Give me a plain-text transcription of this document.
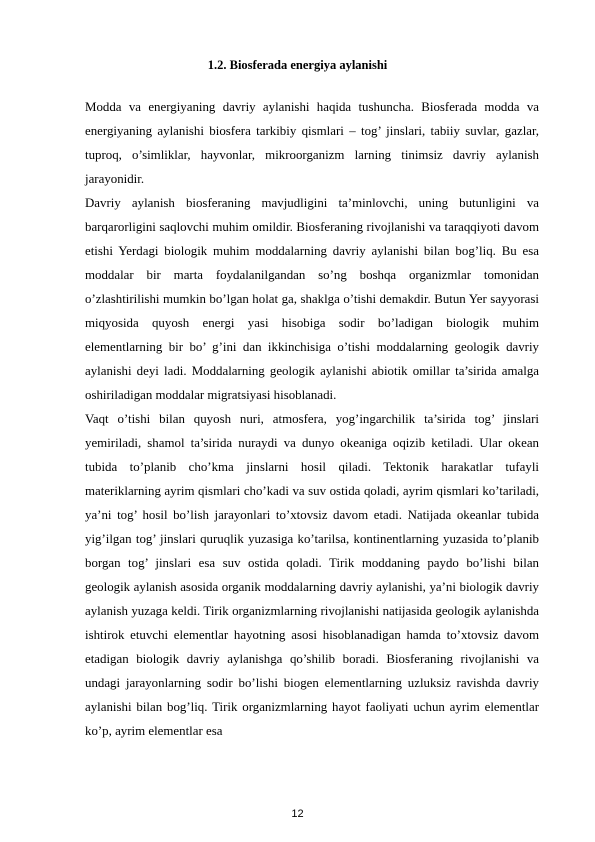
1.2. Biosferada energiya aylanishi

Modda va energiyaning davriy aylanishi haqida tushuncha. Biosferada modda va energiyaning aylanishi biosfera tarkibiy qismlari – tog’ jinslari, tabiiy suvlar, gazlar, tuproq, o’simliklar, hayvonlar, mikroorganizm larning tinimsiz davriy aylanish jarayonidir.

Davriy aylanish biosferaning mavjudligini ta’minlovchi, uning butunligini va barqarorligini saqlovchi muhim omildir. Biosferaning rivojlanishi va taraqqiyoti davom etishi Yerdagi biologik muhim moddalarning davriy aylanishi bilan bog’liq. Bu esa moddalar bir marta foydalanilgandan so’ng boshqa organizmlar tomonidan o’zlashtirilishi mumkin bo’lgan holat ga, shaklga o’tishi demakdir. Butun Yer sayyorasi miqyosida quyosh energi yasi hisobiga sodir bo’ladigan biologik muhim elementlarning bir bo’ g’ini dan ikkinchisiga o’tishi moddalarning geologik davriy aylanishi deyi ladi. Moddalarning geologik aylanishi abiotik omillar ta’sirida amalga oshiriladigan moddalar migratsiyasi hisoblanadi.

Vaqt o’tishi bilan quyosh nuri, atmosfera, yog’ingarchilik ta’sirida tog’ jinslari yemiriladi, shamol ta’sirida nuraydi va dunyo okeaniga oqizib ketiladi. Ular okean tubida to’planib cho’kma jinslarni hosil qiladi. Tektonik harakatlar tufayli materiklarning ayrim qismlari cho’kadi va suv ostida qoladi, ayrim qismlari ko’tariladi, ya’ni tog’ hosil bo’lish jarayonlari to’xtovsiz davom etadi. Natijada okeanlar tubida yig’ilgan tog’ jinslari quruqlik yuzasiga ko’tarilsa, kontinentlarning yuzasida to’planib borgan tog’ jinslari esa suv ostida qoladi. Tirik moddaning paydo bo’lishi bilan geologik aylanish asosida organik moddalarning davriy aylanishi, ya’ni biologik davriy aylanish yuzaga keldi. Tirik organizmlarning rivojlanishi natijasida geologik aylanishda ishtirok etuvchi elementlar hayotning asosi hisoblanadigan hamda to’xtovsiz davom etadigan biologik davriy aylanishga qo’shilib boradi. Biosferaning rivojlanishi va undagi jarayonlarning sodir bo’lishi biogen elementlarning uzluksiz ravishda davriy aylanishi bilan bog’liq. Tirik organizmlarning hayot faoliyati uchun ayrim elementlar ko’p, ayrim elementlar esa

12
